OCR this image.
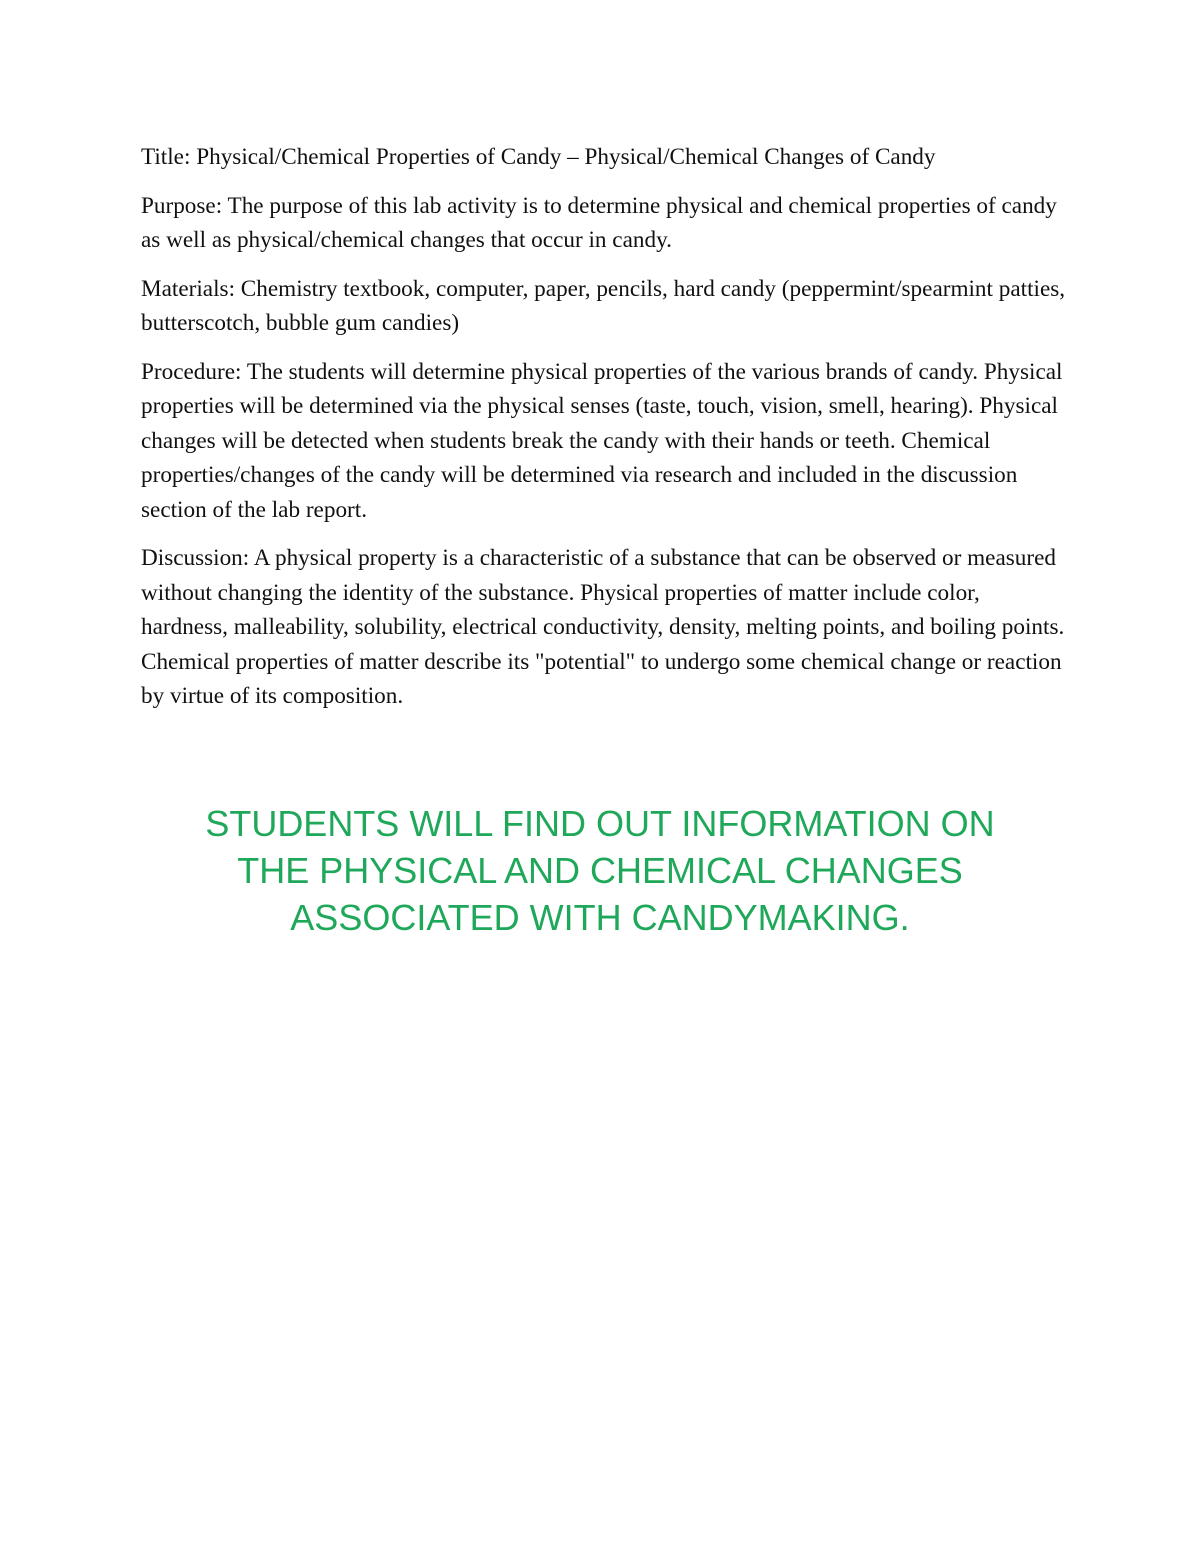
Title: Physical/Chemical Properties of Candy – Physical/Chemical Changes of Candy

Purpose: The purpose of this lab activity is to determine physical and chemical properties of candy as well as physical/chemical changes that occur in candy.

Materials: Chemistry textbook, computer, paper, pencils, hard candy (peppermint/spearmint patties, butterscotch, bubble gum candies)

Procedure: The students will determine physical properties of the various brands of candy. Physical properties will be determined via the physical senses (taste, touch, vision, smell, hearing). Physical changes will be detected when students break the candy with their hands or teeth. Chemical properties/changes of the candy will be determined via research and included in the discussion section of the lab report.

Discussion: A physical property is a characteristic of a substance that can be observed or measured without changing the identity of the substance. Physical properties of matter include color, hardness, malleability, solubility, electrical conductivity, density, melting points, and boiling points. Chemical properties of matter describe its "potential" to undergo some chemical change or reaction by virtue of its composition.

STUDENTS WILL FIND OUT INFORMATION ON
THE PHYSICAL AND CHEMICAL CHANGES
ASSOCIATED WITH CANDYMAKING.
